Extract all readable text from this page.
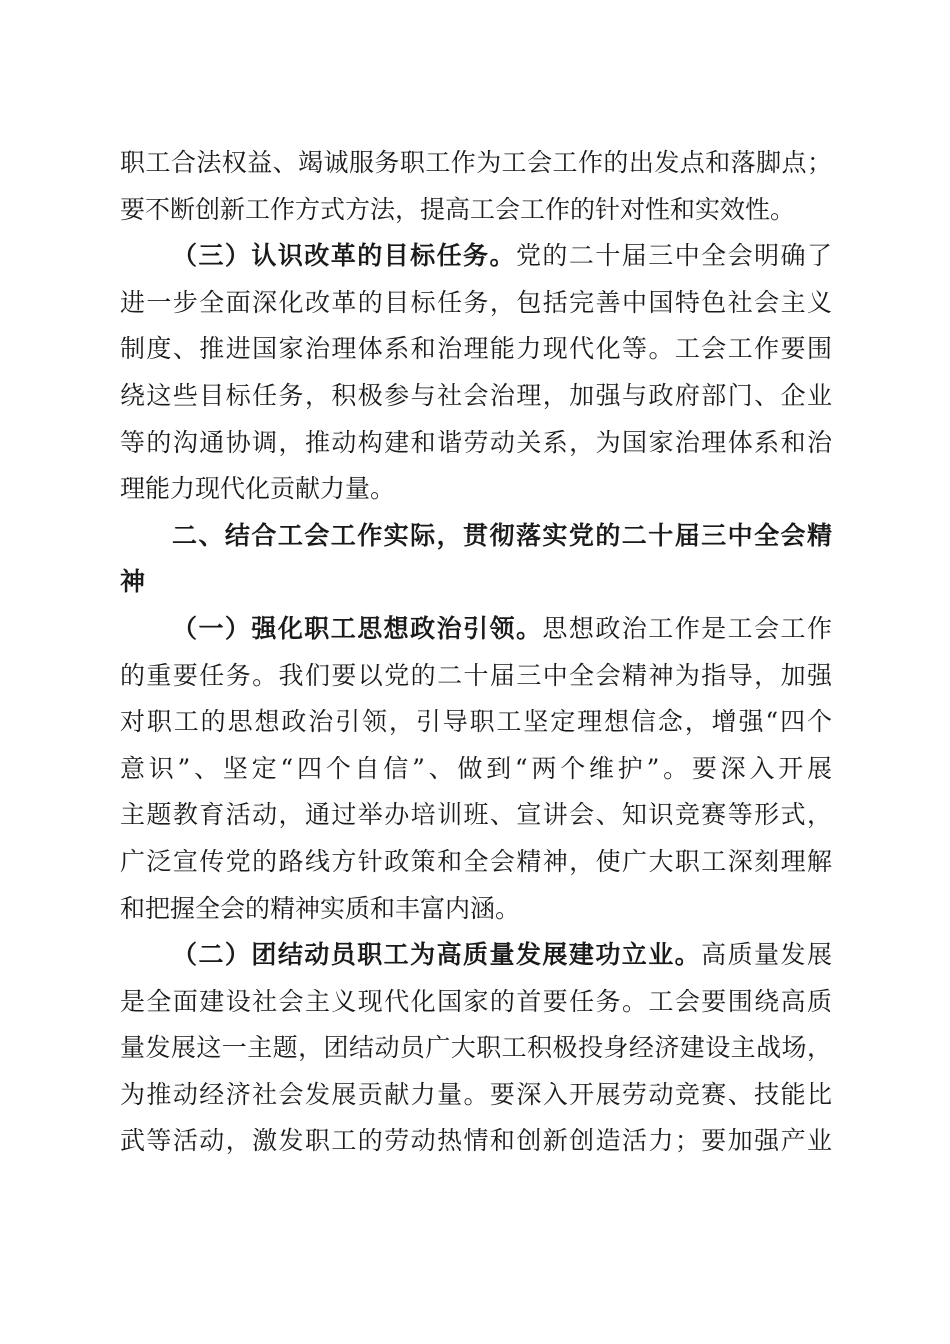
职工合法权益、竭诚服务职工作为工会工作的出发点和落脚点；
要不断创新工作方式方法，提高工会工作的针对性和实效性。
（三）认识改革的目标任务。党的二十届三中全会明确了
进一步全面深化改革的目标任务，包括完善中国特色社会主义
制度、推进国家治理体系和治理能力现代化等。工会工作要围
绕这些目标任务，积极参与社会治理，加强与政府部门、企业
等的沟通协调，推动构建和谐劳动关系，为国家治理体系和治
理能力现代化贡献力量。
二、结合工会工作实际，贯彻落实党的二十届三中全会精
神
（一）强化职工思想政治引领。思想政治工作是工会工作
的重要任务。我们要以党的二十届三中全会精神为指导，加强
对职工的思想政治引领，引导职工坚定理想信念，增强“四个
意识”、坚定“四个自信”、做到“两个维护”。要深入开展
主题教育活动，通过举办培训班、宣讲会、知识竞赛等形式，
广泛宣传党的路线方针政策和全会精神，使广大职工深刻理解
和把握全会的精神实质和丰富内涵。
（二）团结动员职工为高质量发展建功立业。高质量发展
是全面建设社会主义现代化国家的首要任务。工会要围绕高质
量发展这一主题，团结动员广大职工积极投身经济建设主战场，
为推动经济社会发展贡献力量。要深入开展劳动竞赛、技能比
武等活动，激发职工的劳动热情和创新创造活力；要加强产业
